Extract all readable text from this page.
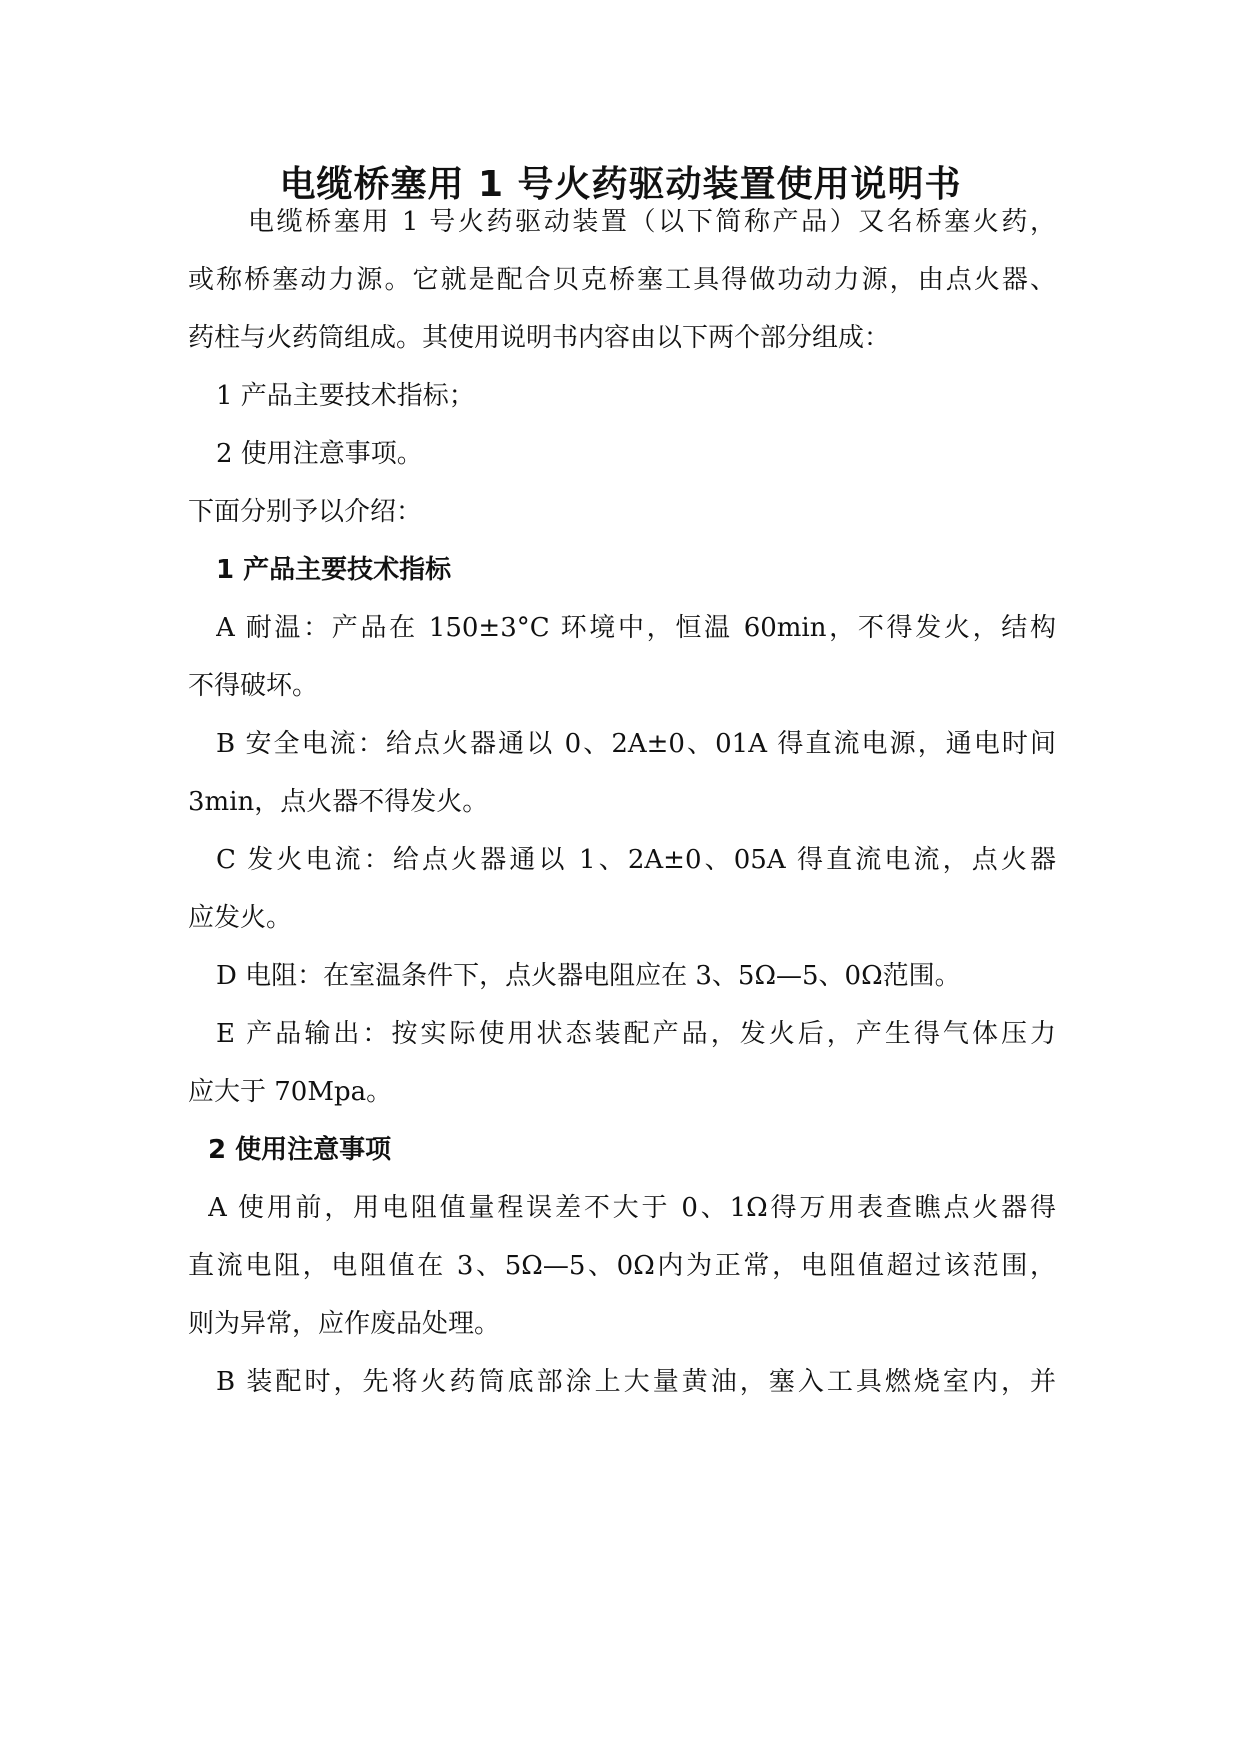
电缆桥塞用 1 号火药驱动装置使用说明书
电缆桥塞用 1 号火药驱动装置（以下简称产品）又名桥塞火药，
或称桥塞动力源。它就是配合贝克桥塞工具得做功动力源，由点火器、
药柱与火药筒组成。其使用说明书内容由以下两个部分组成：
1 产品主要技术指标；
2 使用注意事项。
下面分别予以介绍：
1 产品主要技术指标
A 耐温：产品在 150±3°C 环境中，恒温 60min，不得发火，结构
不得破坏。
B 安全电流：给点火器通以 0、2A±0、01A 得直流电源，通电时间
3min，点火器不得发火。
C 发火电流：给点火器通以 1、2A±0、05A 得直流电流，点火器
应发火。
D 电阻：在室温条件下，点火器电阻应在 3、5Ω—5、0Ω范围。
E 产品输出：按实际使用状态装配产品，发火后，产生得气体压力
应大于 70Mpa。
2 使用注意事项
A 使用前，用电阻值量程误差不大于 0、1Ω得万用表查瞧点火器得
直流电阻，电阻值在 3、5Ω—5、0Ω内为正常，电阻值超过该范围，
则为异常，应作废品处理。
B 装配时，先将火药筒底部涂上大量黄油，塞入工具燃烧室内，并
